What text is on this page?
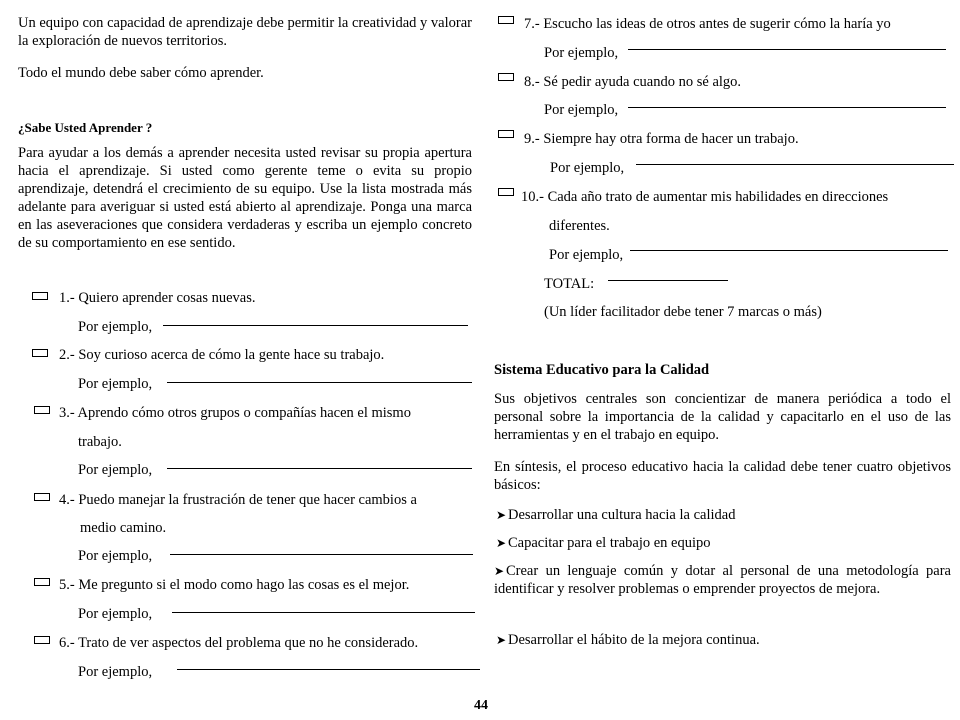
Un equipo con capacidad de aprendizaje debe permitir la creatividad y valorar la exploración de nuevos territorios.

Todo el mundo debe saber cómo aprender.

¿Sabe Usted Aprender ?

Para ayudar a los demás a aprender necesita usted revisar su propia apertura hacia el aprendizaje. Si usted como gerente teme o evita su propio aprendizaje, detendrá el crecimiento de su equipo. Use la lista mostrada más adelante para averiguar si usted está abierto al aprendizaje. Ponga una marca en las aseveraciones que considera verdaderas y escriba un ejemplo concreto de su comportamiento en ese sentido.

1.- Quiero aprender cosas nuevas.

Por ejemplo,

2.- Soy curioso acerca de cómo la gente hace su trabajo.

Por ejemplo,

3.- Aprendo cómo otros grupos o compañías hacen el mismo

trabajo.

Por ejemplo,

4.- Puedo manejar la frustración de tener que hacer cambios a

medio camino.

Por ejemplo,

5.- Me pregunto si el modo como hago las cosas es el mejor.

Por ejemplo,

6.- Trato de ver aspectos del problema que no he considerado.

Por ejemplo,

7.- Escucho las ideas de otros antes de sugerir cómo la haría yo

Por ejemplo,

8.- Sé pedir ayuda cuando no sé algo.

Por ejemplo,

9.- Siempre hay otra forma de hacer un trabajo.

Por ejemplo,

10.- Cada año trato de aumentar mis habilidades en direcciones

diferentes.

Por ejemplo,

TOTAL:

(Un líder facilitador debe tener 7 marcas o más)

Sistema Educativo para la Calidad

Sus objetivos centrales son concientizar de manera periódica a todo el personal sobre la importancia de la calidad y capacitarlo en el uso de las herramientas y en el trabajo en equipo.

En síntesis, el proceso educativo hacia la calidad debe tener cuatro objetivos básicos:

➤ Desarrollar una cultura hacia la calidad

➤ Capacitar para el trabajo en equipo

➤ Crear un lenguaje común y dotar al personal de una metodología para identificar y resolver problemas o emprender proyectos de mejora.

➤ Desarrollar el hábito de la mejora continua.

44
